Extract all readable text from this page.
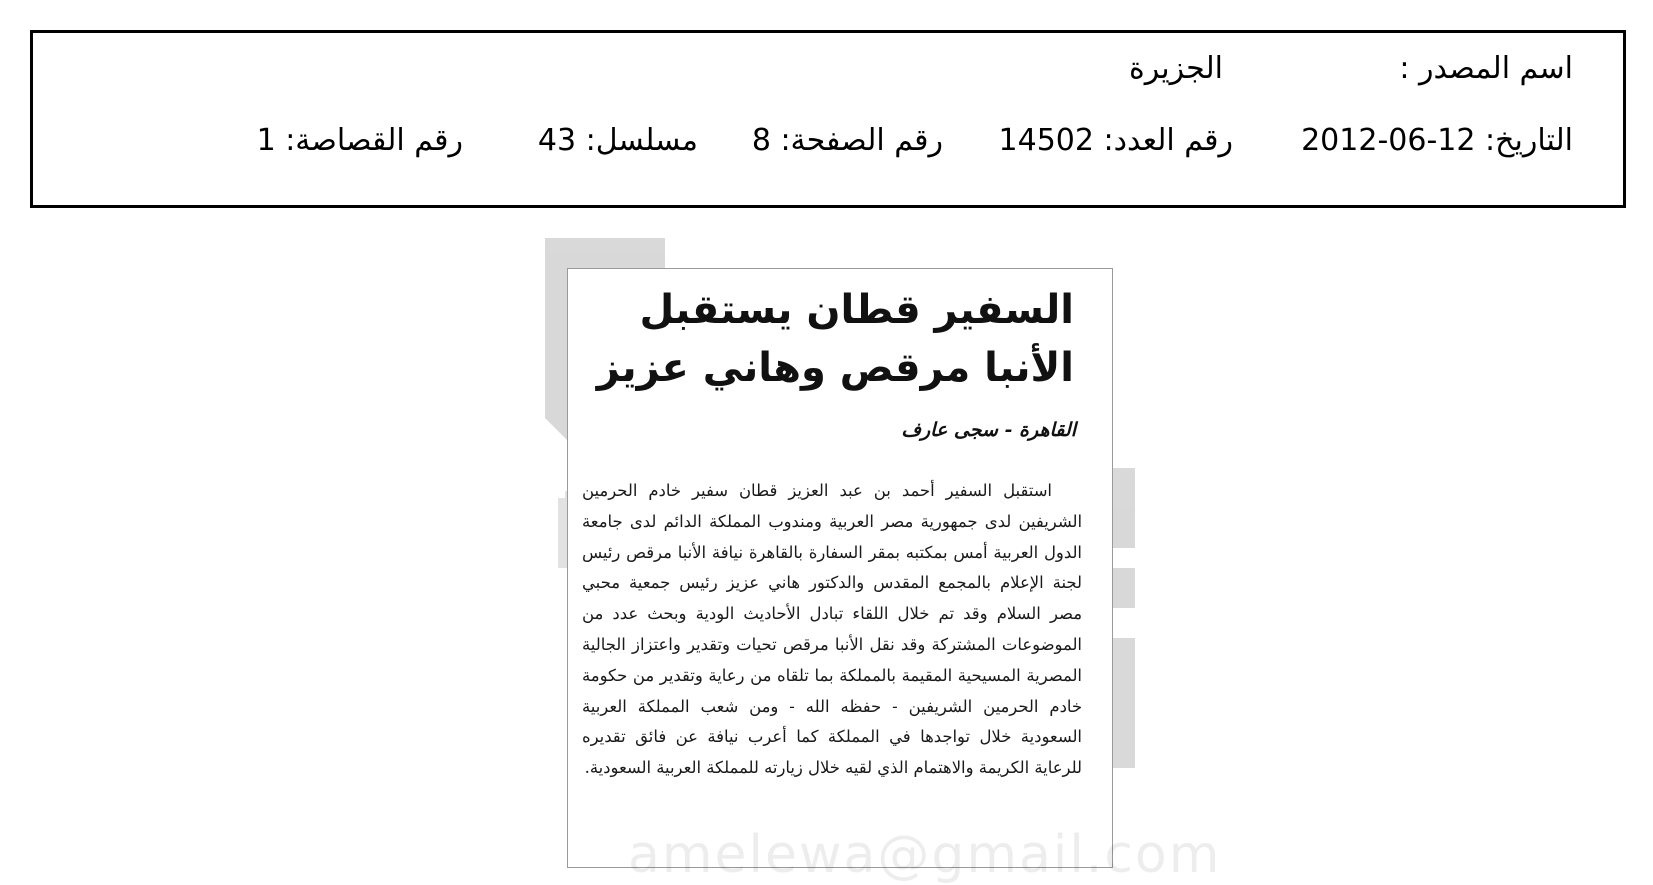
اسم المصدر :
الجزيرة
التاريخ: 12-06-2012
رقم العدد: 14502
رقم الصفحة: 8
مسلسل: 43
رقم القصاصة: 1
السفير قطان يستقبل الأنبا مرقص وهاني عزيز
القاهرة - سجى عارف
استقبل السفير أحمد بن عبد العزيز قطان سفير خادم الحرمين الشريفين لدى جمهورية مصر العربية ومندوب المملكة الدائم لدى جامعة الدول العربية أمس بمكتبه بمقر السفارة بالقاهرة نيافة الأنبا مرقص رئيس لجنة الإعلام بالمجمع المقدس والدكتور هاني عزيز رئيس جمعية محبي مصر السلام وقد تم خلال اللقاء تبادل الأحاديث الودية وبحث عدد من الموضوعات المشتركة وقد نقل الأنبا مرقص تحيات وتقدير واعتزاز الجالية المصرية المسيحية المقيمة بالمملكة بما تلقاه من رعاية وتقدير من حكومة خادم الحرمين الشريفين - حفظه الله - ومن شعب المملكة العربية السعودية خلال تواجدها في المملكة كما أعرب نيافة عن فائق تقديره للرعاية الكريمة والاهتمام الذي لقيه خلال زيارته للمملكة العربية السعودية.
amelewa@gmail.com
